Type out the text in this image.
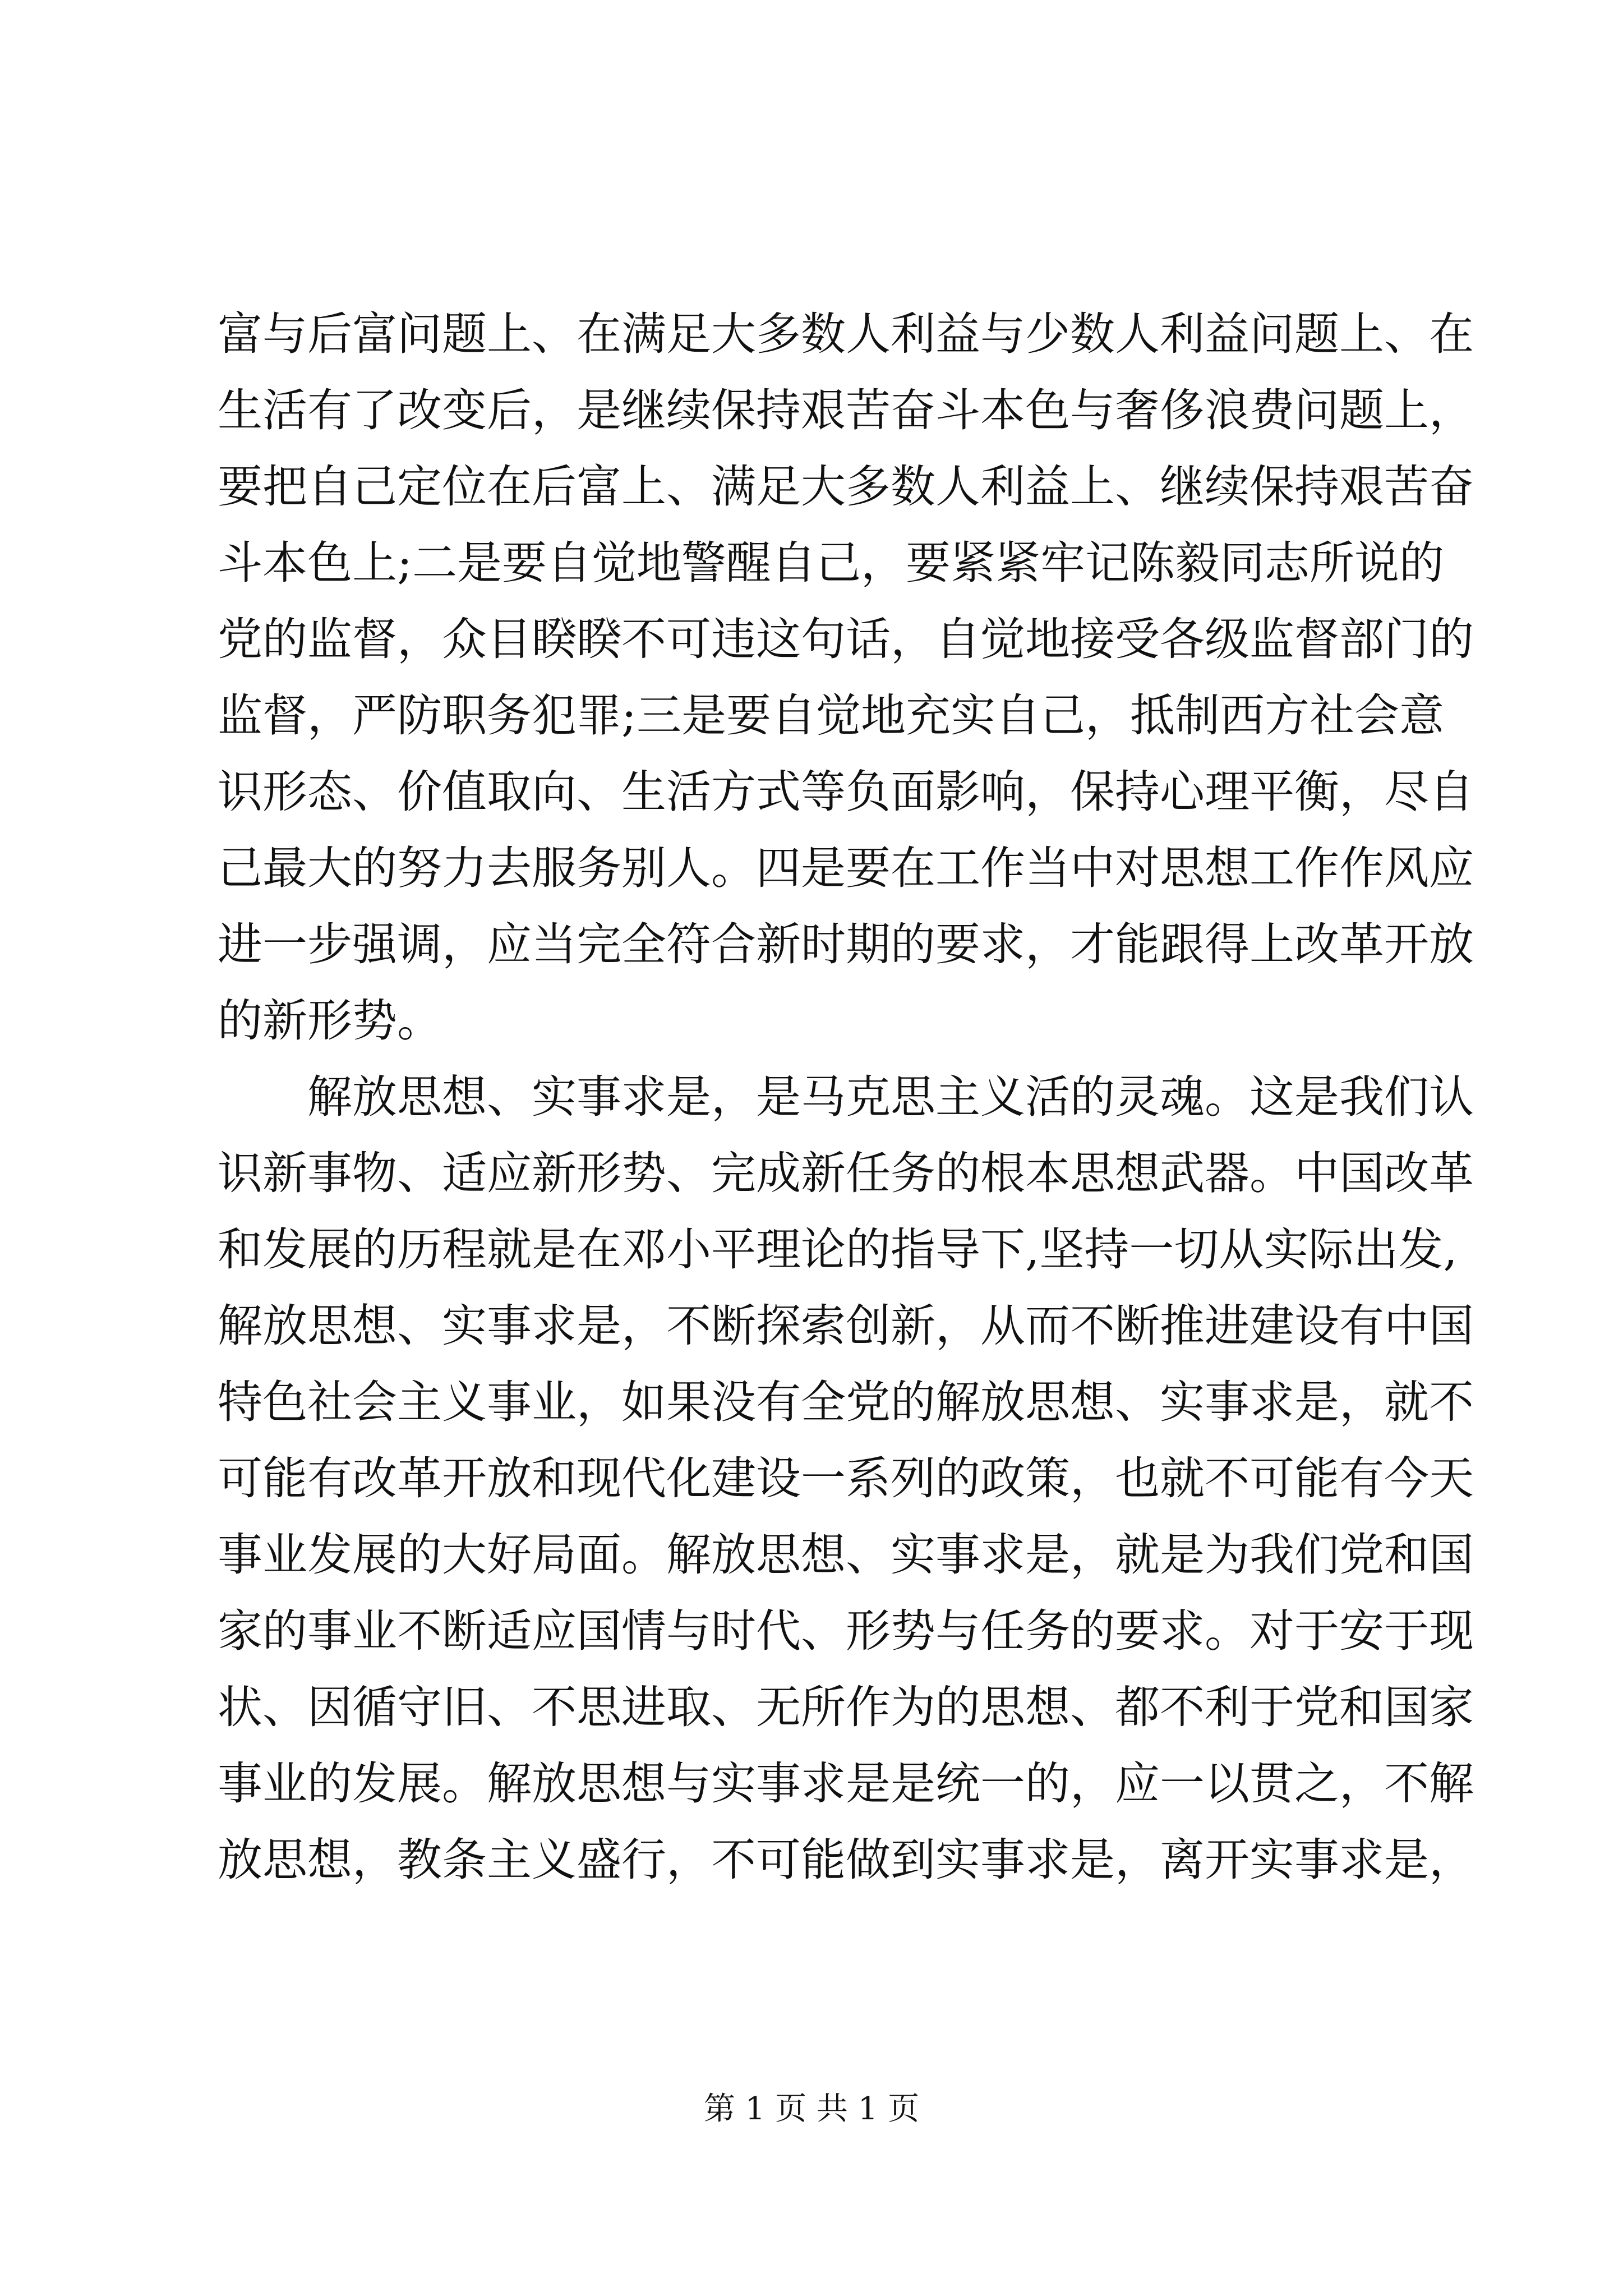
富与后富问题上、在满足大多数人利益与少数人利益问题上、在
生活有了改变后，是继续保持艰苦奋斗本色与奢侈浪费问题上，
要把自己定位在后富上、满足大多数人利益上、继续保持艰苦奋
斗本色上;二是要自觉地警醒自己，要紧紧牢记陈毅同志所说的
党的监督，众目睽睽不可违这句话，自觉地接受各级监督部门的
监督，严防职务犯罪;三是要自觉地充实自己，抵制西方社会意
识形态、价值取向、生活方式等负面影响，保持心理平衡，尽自
己最大的努力去服务别人。四是要在工作当中对思想工作作风应
进一步强调，应当完全符合新时期的要求，才能跟得上改革开放
的新形势。
解放思想、实事求是，是马克思主义活的灵魂。这是我们认
识新事物、适应新形势、完成新任务的根本思想武器。中国改革
和发展的历程就是在邓小平理论的指导下,坚持一切从实际出发,
解放思想、实事求是，不断探索创新，从而不断推进建设有中国
特色社会主义事业，如果没有全党的解放思想、实事求是，就不
可能有改革开放和现代化建设一系列的政策，也就不可能有今天
事业发展的大好局面。解放思想、实事求是，就是为我们党和国
家的事业不断适应国情与时代、形势与任务的要求。对于安于现
状、因循守旧、不思进取、无所作为的思想、都不利于党和国家
事业的发展。解放思想与实事求是是统一的，应一以贯之，不解
放思想，教条主义盛行，不可能做到实事求是，离开实事求是，
第 1 页 共 1 页
